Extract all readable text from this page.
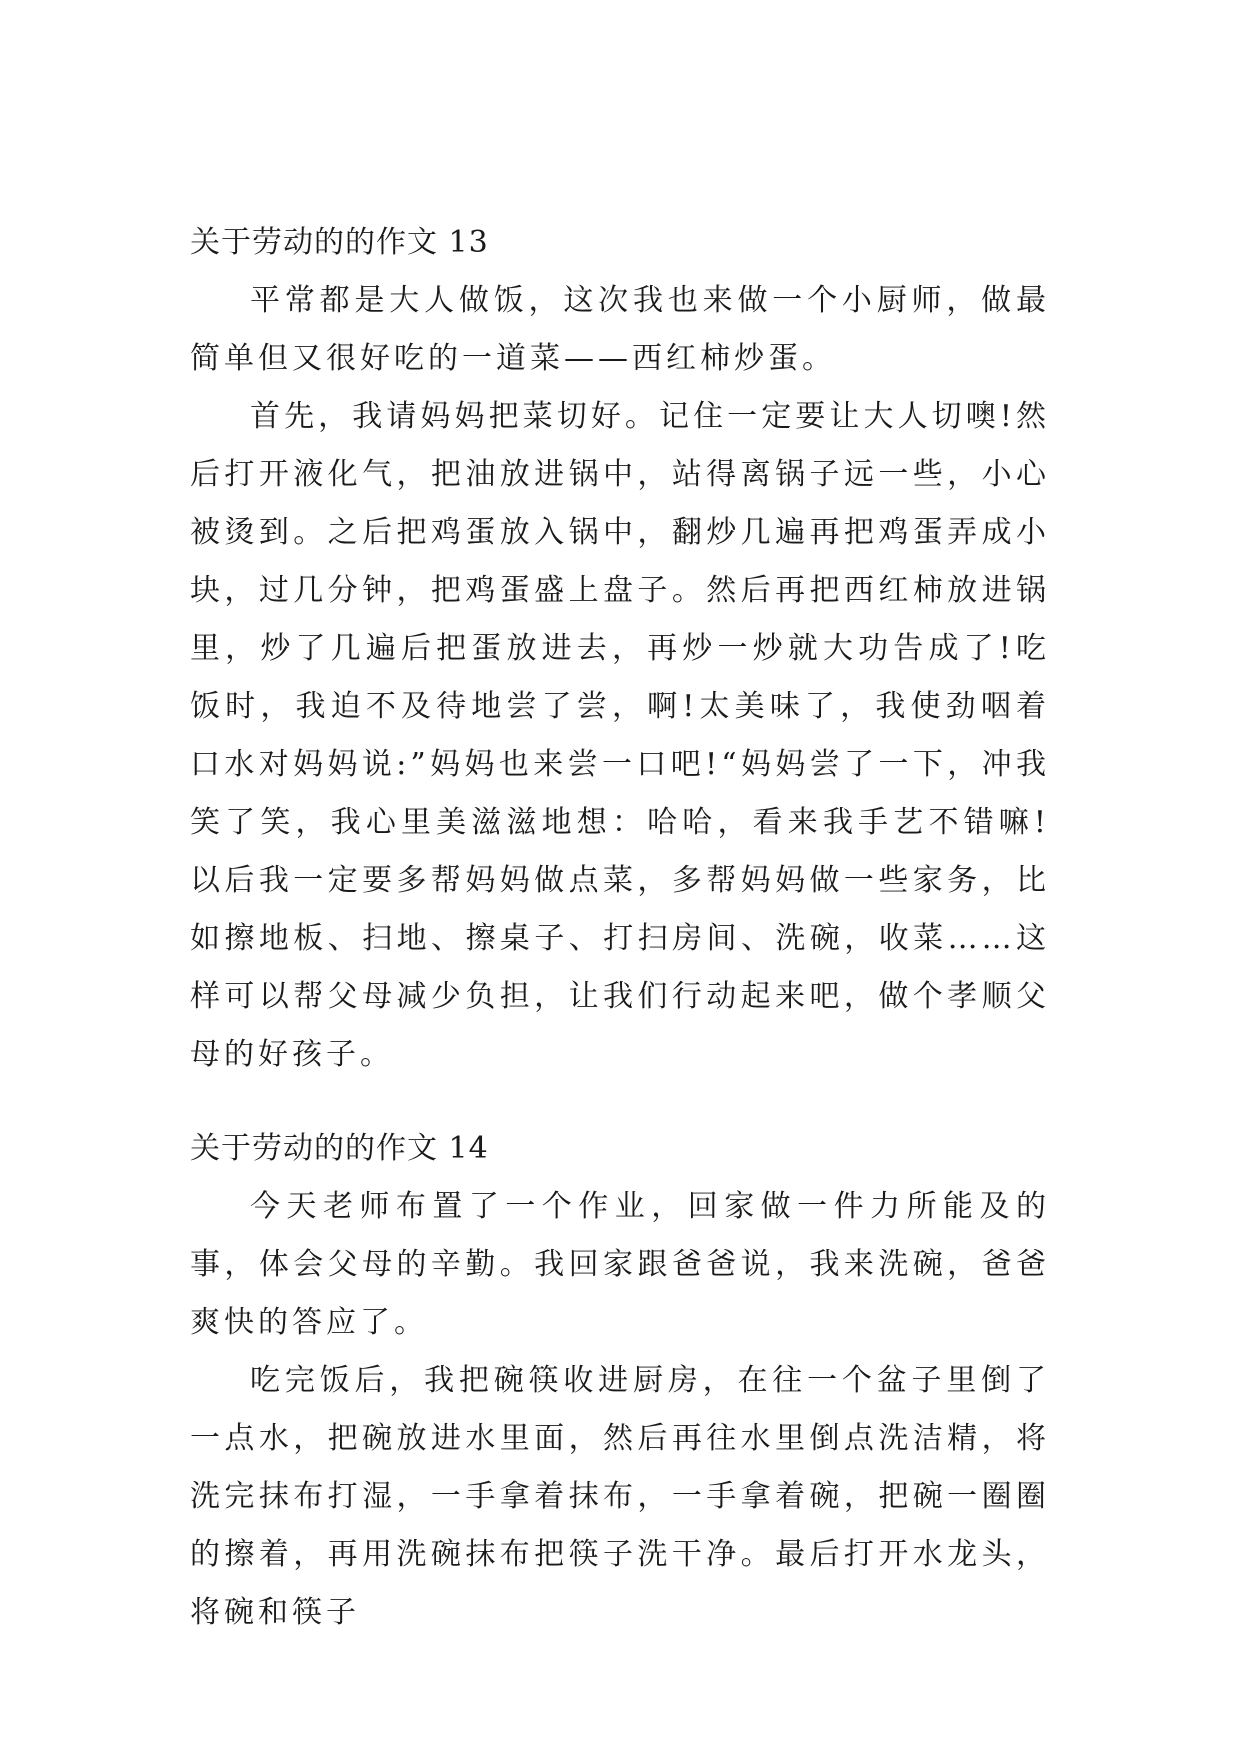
关于劳动的的作文 13

平常都是大人做饭，这次我也来做一个小厨师，做最简单但又很好吃的一道菜——西红柿炒蛋。

首先，我请妈妈把菜切好。记住一定要让大人切噢!然后打开液化气，把油放进锅中，站得离锅子远一些，小心被烫到。之后把鸡蛋放入锅中，翻炒几遍再把鸡蛋弄成小块，过几分钟，把鸡蛋盛上盘子。然后再把西红柿放进锅里，炒了几遍后把蛋放进去，再炒一炒就大功告成了!吃饭时，我迫不及待地尝了尝，啊!太美味了，我使劲咽着口水对妈妈说:”妈妈也来尝一口吧!“妈妈尝了一下，冲我笑了笑，我心里美滋滋地想：哈哈，看来我手艺不错嘛!以后我一定要多帮妈妈做点菜，多帮妈妈做一些家务，比如擦地板、扫地、擦桌子、打扫房间、洗碗，收菜……这样可以帮父母减少负担，让我们行动起来吧，做个孝顺父母的好孩子。

关于劳动的的作文 14

今天老师布置了一个作业，回家做一件力所能及的事，体会父母的辛勤。我回家跟爸爸说，我来洗碗，爸爸爽快的答应了。

吃完饭后，我把碗筷收进厨房，在往一个盆子里倒了一点水，把碗放进水里面，然后再往水里倒点洗洁精，将洗完抹布打湿，一手拿着抹布，一手拿着碗，把碗一圈圈的擦着，再用洗碗抹布把筷子洗干净。最后打开水龙头，将碗和筷子
